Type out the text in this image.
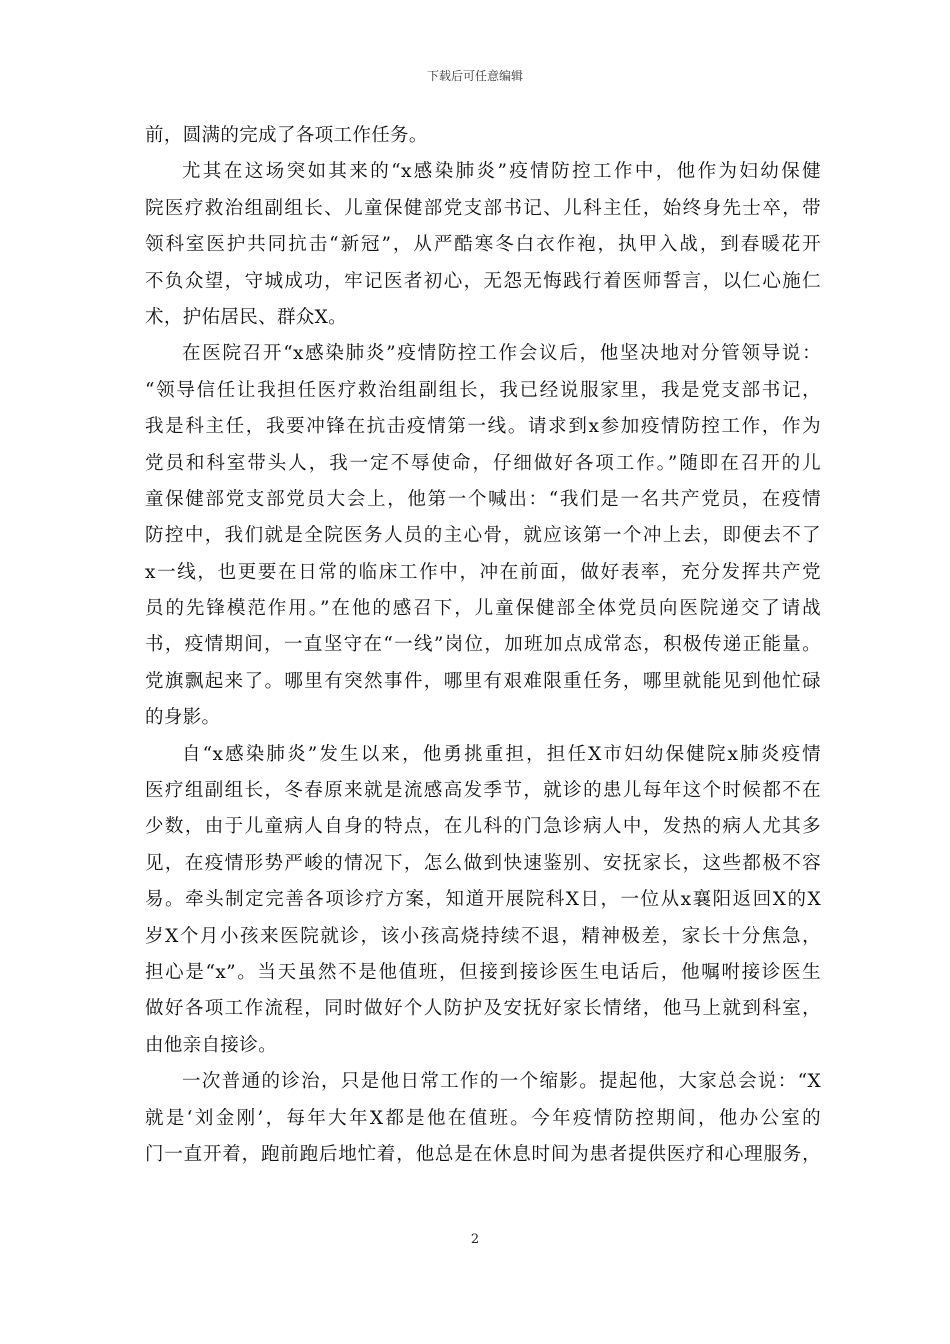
下载后可任意编辑
前，圆满的完成了各项工作任务。
尤其在这场突如其来的“x感染肺炎”疫情防控工作中，他作为妇幼保健
院医疗救治组副组长、儿童保健部党支部书记、儿科主任，始终身先士卒，带
领科室医护共同抗击“新冠”，从严酷寒冬白衣作袍，执甲入战，到春暖花开
不负众望，守城成功，牢记医者初心，无怨无悔践行着医师誓言，以仁心施仁
术，护佑居民、群众X。
在医院召开“x感染肺炎”疫情防控工作会议后，他坚决地对分管领导说：
“领导信任让我担任医疗救治组副组长，我已经说服家里，我是党支部书记，
我是科主任，我要冲锋在抗击疫情第一线。请求到x参加疫情防控工作，作为
党员和科室带头人，我一定不辱使命，仔细做好各项工作。”随即在召开的儿
童保健部党支部党员大会上，他第一个喊出：“我们是一名共产党员，在疫情
防控中，我们就是全院医务人员的主心骨，就应该第一个冲上去，即便去不了
x一线，也更要在日常的临床工作中，冲在前面，做好表率，充分发挥共产党
员的先锋模范作用。”在他的感召下，儿童保健部全体党员向医院递交了请战
书，疫情期间，一直坚守在“一线”岗位，加班加点成常态，积极传递正能量。
党旗飘起来了。哪里有突然事件，哪里有艰难限重任务，哪里就能见到他忙碌
的身影。
自“x感染肺炎”发生以来，他勇挑重担，担任X市妇幼保健院x肺炎疫情
医疗组副组长，冬春原来就是流感高发季节，就诊的患儿每年这个时候都不在
少数，由于儿童病人自身的特点，在儿科的门急诊病人中，发热的病人尤其多
见，在疫情形势严峻的情况下，怎么做到快速鉴别、安抚家长，这些都极不容
易。牵头制定完善各项诊疗方案，知道开展院科X日，一位从x襄阳返回X的X
岁X个月小孩来医院就诊，该小孩高烧持续不退，精神极差，家长十分焦急，
担心是“x”。当天虽然不是他值班，但接到接诊医生电话后，他嘱咐接诊医生
做好各项工作流程，同时做好个人防护及安抚好家长情绪，他马上就到科室，
由他亲自接诊。
一次普通的诊治，只是他日常工作的一个缩影。提起他，大家总会说：“X
就是‘刘金刚’，每年大年X都是他在值班。今年疫情防控期间，他办公室的
门一直开着，跑前跑后地忙着，他总是在休息时间为患者提供医疗和心理服务，
2
